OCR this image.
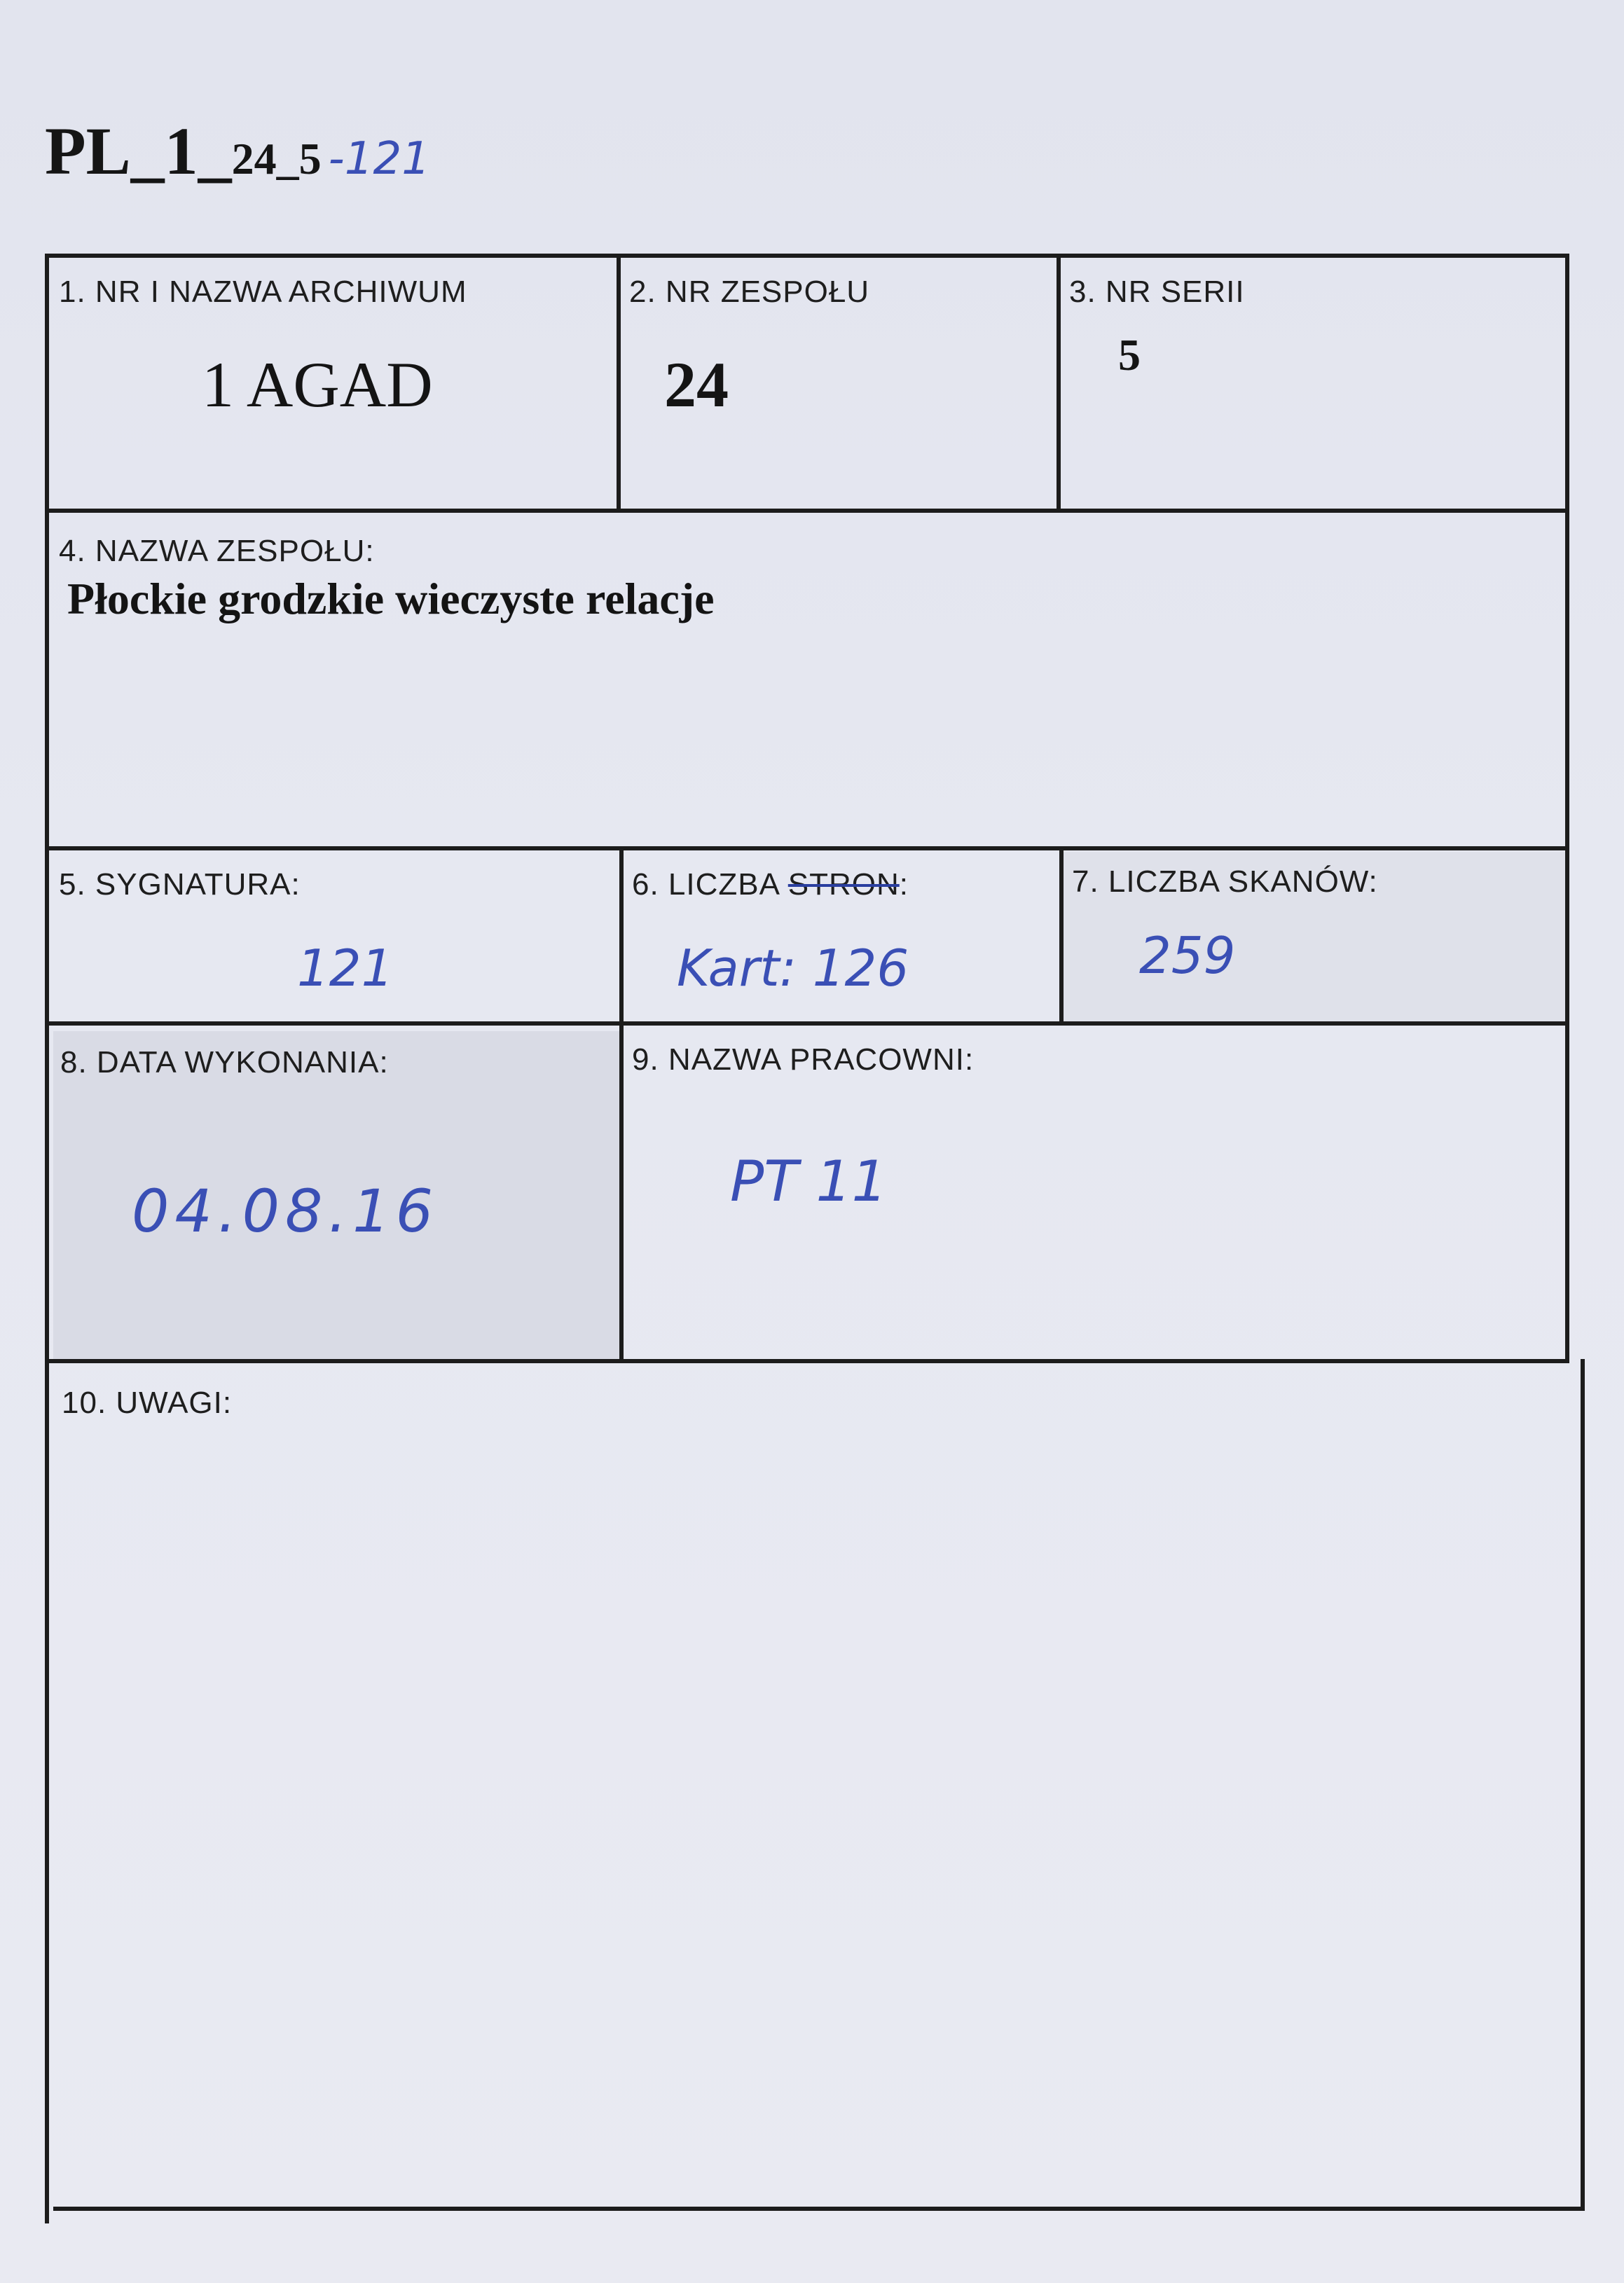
PL_1_24_5 -121
1. NR I NAZWA ARCHIWUM
1 AGAD
2. NR ZESPOŁU
24
3. NR SERII
5
4. NAZWA ZESPOŁU:
Płockie grodzkie wieczyste relacje
5. SYGNATURA:
121
6. LICZBA STRON:
Kart: 126
7. LICZBA SKANÓW:
259
8. DATA WYKONANIA:
04.08.16
9. NAZWA PRACOWNI:
PT 11
10. UWAGI:
